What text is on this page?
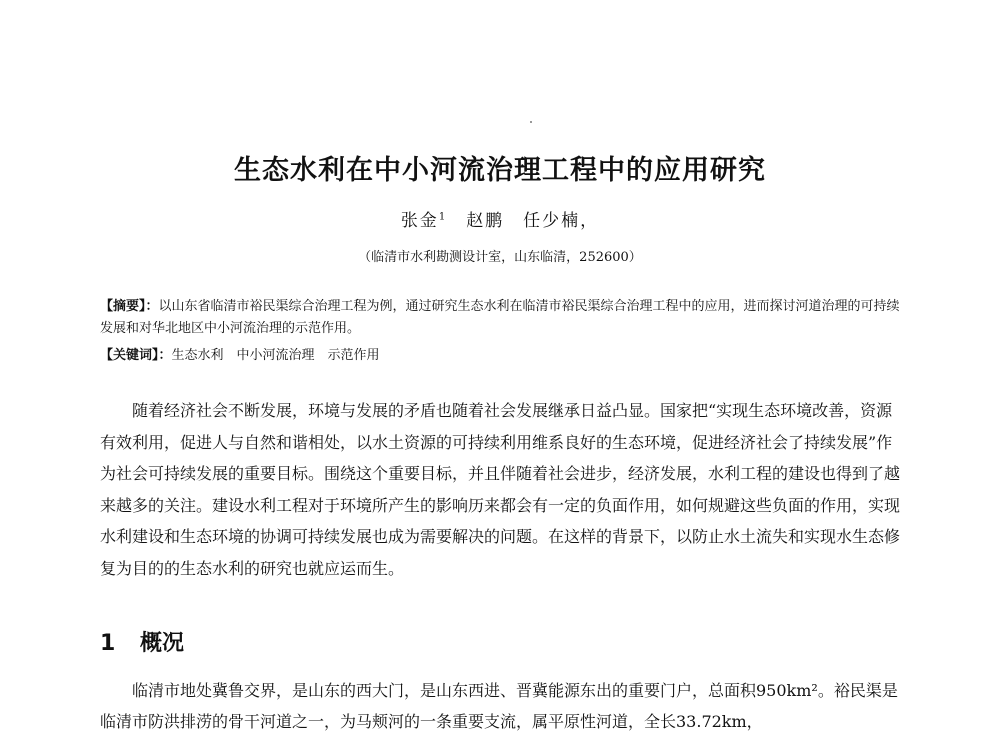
生态水利在中小河流治理工程中的应用研究
张金$^1$　 赵鹏　任少楠，
（临清市水利勘测设计室，山东临清，252600）
【摘要】：以山东省临清市裕民渠综合治理工程为例，通过研究生态水利在临清市裕民渠综合治理工程中的应用，进而探讨河道治理的可持续发展和对华北地区中小河流治理的示范作用。
【关键词】：生态水利　中小河流治理　示范作用
随着经济社会不断发展，环境与发展的矛盾也随着社会发展继承日益凸显。国家把“实现生态环境改善，资源有效利用，促进人与自然和谐相处，以水土资源的可持续利用维系良好的生态环境，促进经济社会了持续发展”作为社会可持续发展的重要目标。围绕这个重要目标，并且伴随着社会进步，经济发展，水利工程的建设也得到了越来越多的关注。建设水利工程对于环境所产生的影响历来都会有一定的负面作用，如何规避这些负面的作用，实现水利建设和生态环境的协调可持续发展也成为需要解决的问题。在这样的背景下，以防止水土流失和实现水生态修复为目的的生态水利的研究也就应运而生。
1 概况
临清市地处冀鲁交界，是山东的西大门，是山东西进、晋冀能源东出的重要门户，总面积950km²。裕民渠是临清市防洪排涝的骨干河道之一，为马颊河的一条重要支流，属平原性河道，全长33.72km，
